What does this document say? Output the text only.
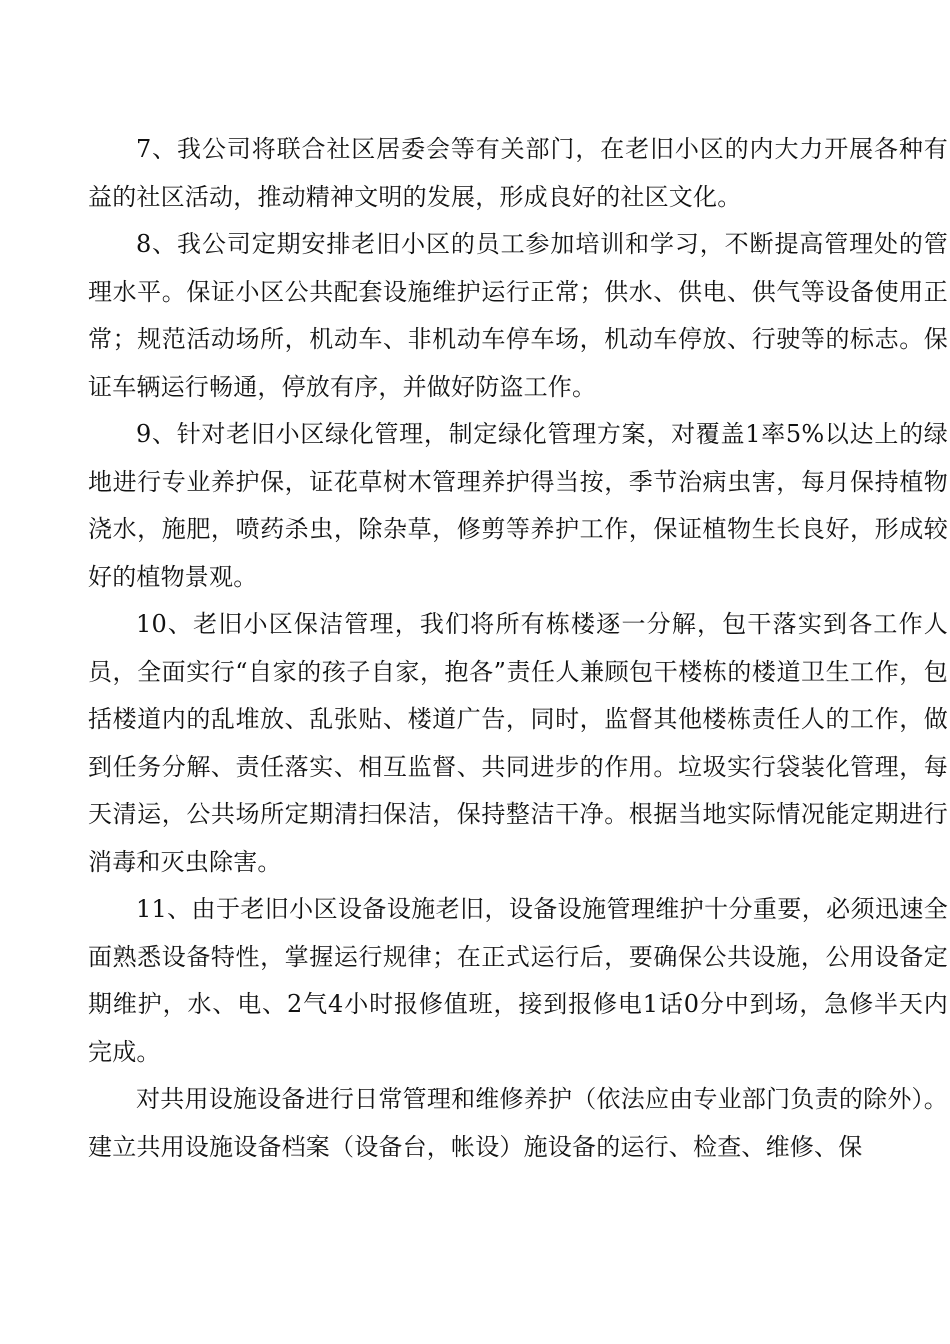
7、我公司将联合社区居委会等有关部门，在老旧小区的内大力开展各种有益的社区活动，推动精神文明的发展，形成良好的社区文化。

8、我公司定期安排老旧小区的员工参加培训和学习，不断提高管理处的管理水平。保证小区公共配套设施维护运行正常；供水、供电、供气等设备使用正常；规范活动场所，机动车、非机动车停车场，机动车停放、行驶等的标志。保证车辆运行畅通，停放有序，并做好防盗工作。

9、针对老旧小区绿化管理，制定绿化管理方案，对覆盖1率5%以达上的绿地进行专业养护保，证花草树木管理养护得当按，季节治病虫害，每月保持植物浇水，施肥，喷药杀虫，除杂草，修剪等养护工作，保证植物生长良好，形成较好的植物景观。

10、老旧小区保洁管理，我们将所有栋楼逐一分解，包干落实到各工作人员，全面实行“自家的孩子自家，抱各”责任人兼顾包干楼栋的楼道卫生工作，包括楼道内的乱堆放、乱张贴、楼道广告，同时，监督其他楼栋责任人的工作，做到任务分解、责任落实、相互监督、共同进步的作用。垃圾实行袋装化管理，每天清运，公共场所定期清扫保洁，保持整洁干净。根据当地实际情况能定期进行消毒和灭虫除害。

11、由于老旧小区设备设施老旧，设备设施管理维护十分重要，必须迅速全面熟悉设备特性，掌握运行规律；在正式运行后，要确保公共设施，公用设备定期维护，水、电、2气4小时报修值班，接到报修电1话0分中到场，急修半天内完成。

对共用设施设备进行日常管理和维修养护（依法应由专业部门负责的除外）。建立共用设施设备档案（设备台，帐设）施设备的运行、检查、维修、保
